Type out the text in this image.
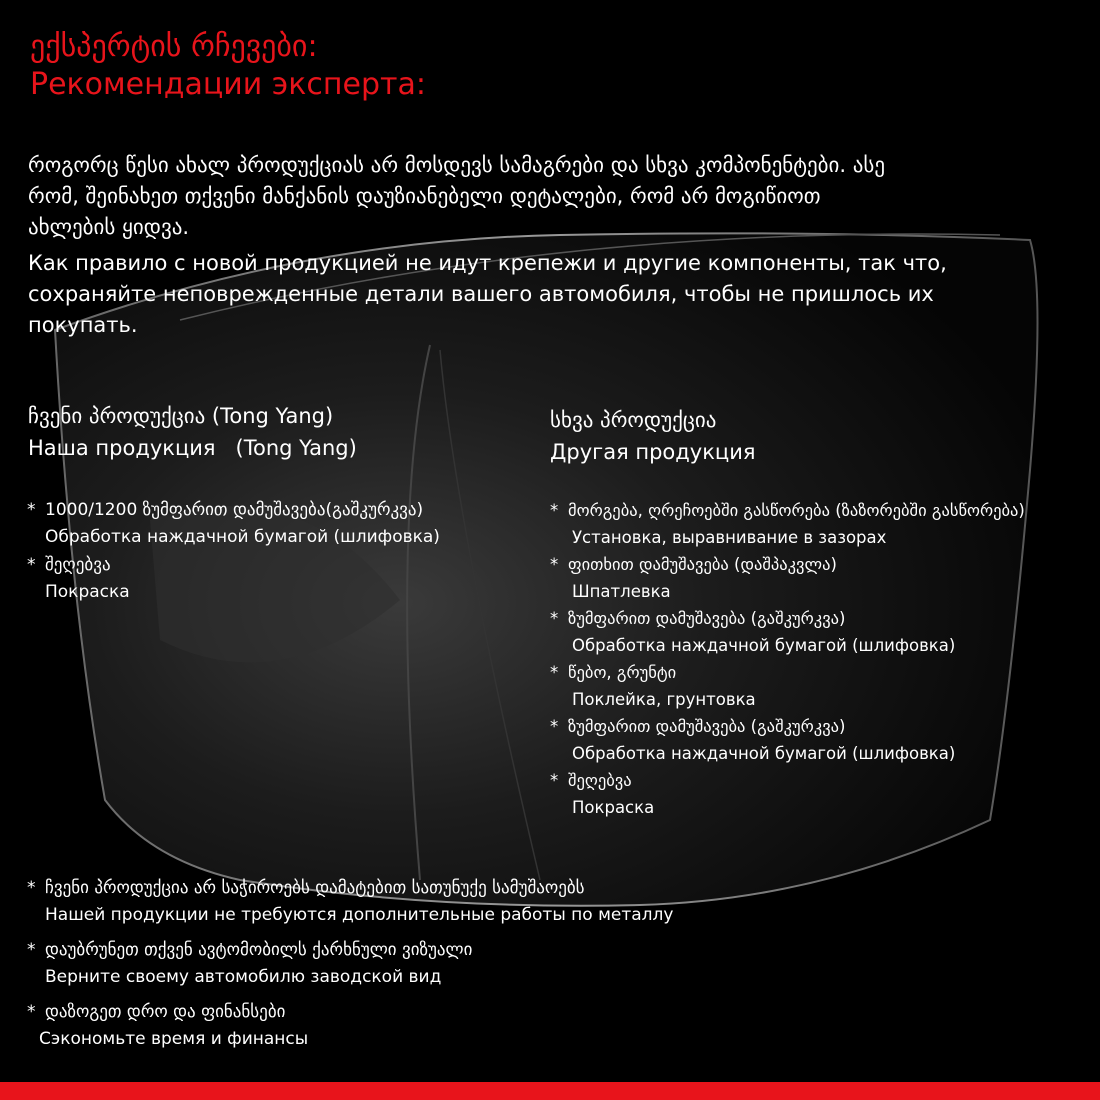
ექსპერტის რჩევები:
Рекомендации эксперта:
როგორც წესი ახალ პროდუქციას არ მოსდევს სამაგრები და სხვა კომპონენტები. ასე
რომ, შეინახეთ თქვენი მანქანის დაუზიანებელი დეტალები, რომ არ მოგიწიოთ
ახლების ყიდვა.
Как правило с новой продукцией не идут крепежи и другие компоненты, так что,
сохраняйте неповрежденные детали вашего автомобиля, чтобы не пришлось их
покупать.
ჩვენი პროდუქცია (Tong Yang)
Наша продукция   (Tong Yang)
* 1000/1200 ზუმფარით დამუშავება(გაშკურკვა)
Обработка наждачной бумагой (шлифовка)
* შეღებვა
Покраска
სხვა პროდუქცია
Другая продукция
* მორგება, ღრეჩოებში გასწორება (ზაზორებში გასწორება)
Установка, выравнивание в зазорах
* ფითხით დამუშავება (დაშპაკვლა)
Шпатлевка
* ზუმფარით დამუშავება (გაშკურკვა)
Обработка наждачной бумагой (шлифовка)
* წებო, გრუნტი
Поклейка, грунтовка
* ზუმფარით დამუშავება (გაშკურკვა)
Обработка наждачной бумагой (шлифовка)
* შეღებვა
Покраска
* ჩვენი პროდუქცია არ საჭიროებს დამატებით სათუნუქე სამუშაოებს
Нашей продукции не требуются дополнительные работы по металлу
* დაუბრუნეთ თქვენ ავტომობილს ქარხნული ვიზუალი
Верните своему автомобилю заводской вид
* დაზოგეთ დრო და ფინანსები
Сэкономьте время и финансы
